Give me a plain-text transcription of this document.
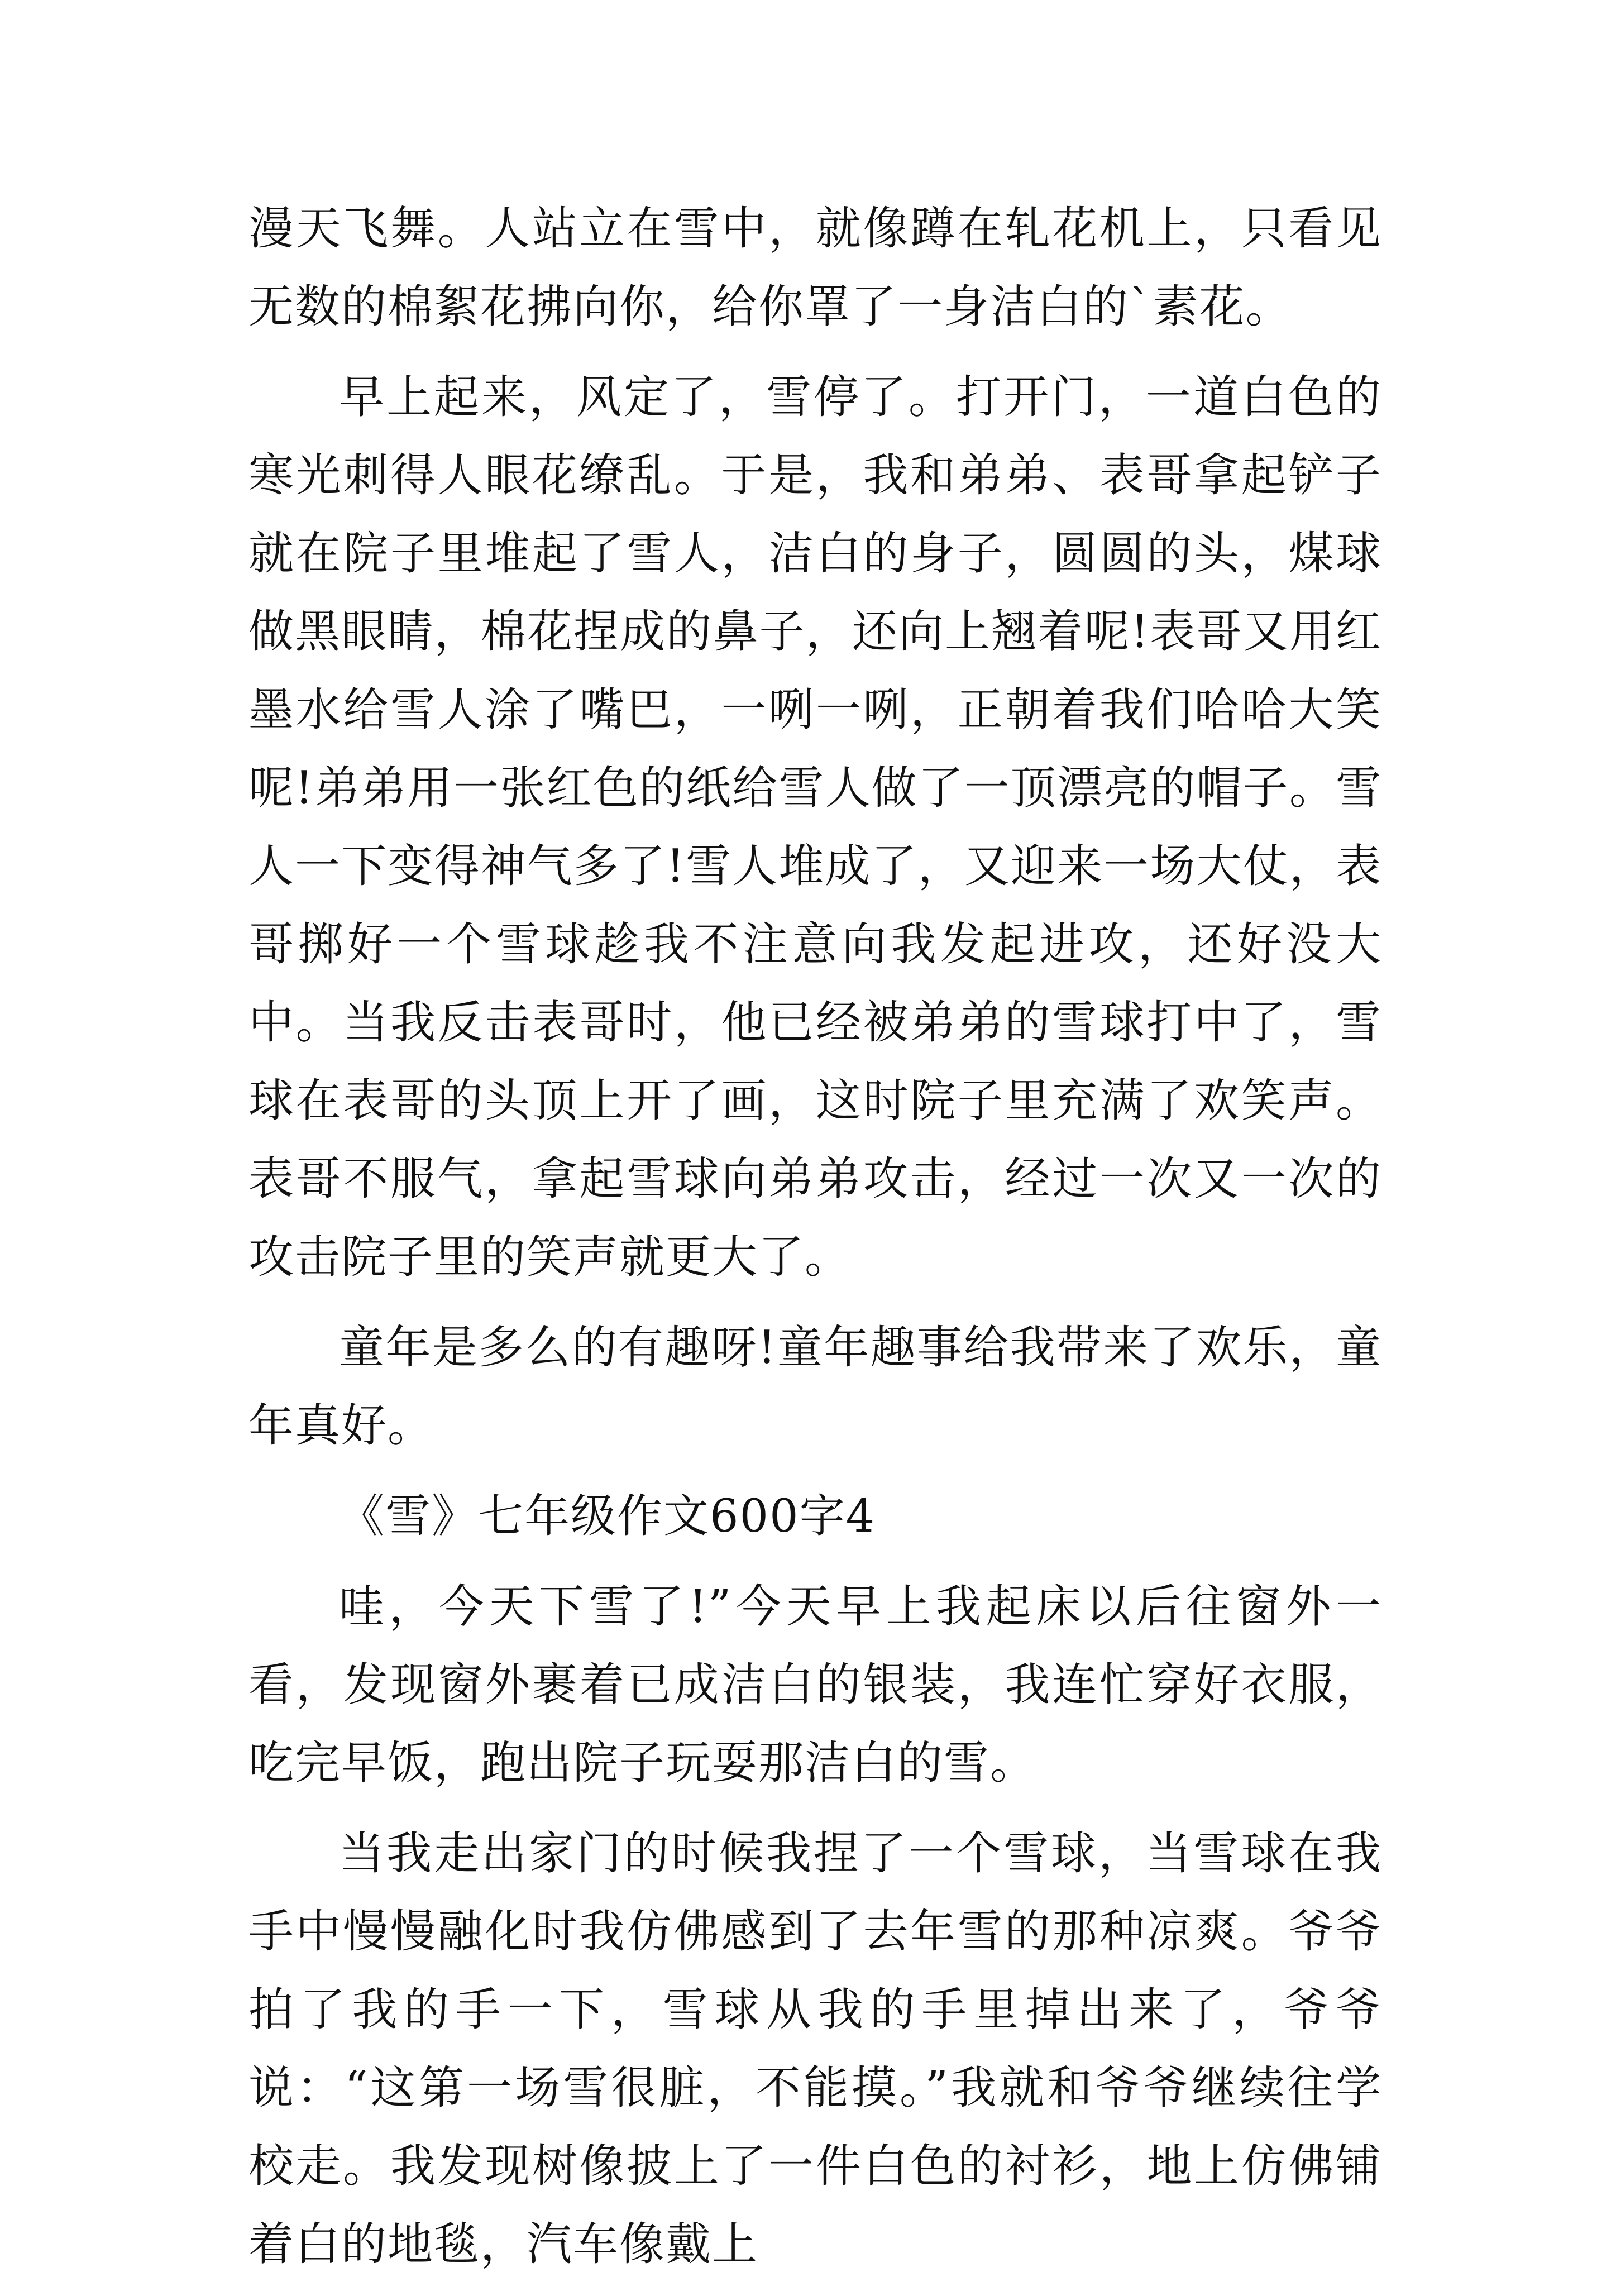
漫天飞舞。人站立在雪中，就像蹲在轧花机上，只看见无数的棉絮花拂向你，给你罩了一身洁白的`素花。

早上起来，风定了，雪停了。打开门，一道白色的寒光刺得人眼花缭乱。于是，我和弟弟、表哥拿起铲子就在院子里堆起了雪人，洁白的身子，圆圆的头，煤球做黑眼睛，棉花捏成的鼻子，还向上翘着呢!表哥又用红墨水给雪人涂了嘴巴，一咧一咧，正朝着我们哈哈大笑呢!弟弟用一张红色的纸给雪人做了一顶漂亮的帽子。雪人一下变得神气多了!雪人堆成了，又迎来一场大仗，表哥掷好一个雪球趁我不注意向我发起进攻，还好没大中。当我反击表哥时，他已经被弟弟的雪球打中了，雪球在表哥的头顶上开了画，这时院子里充满了欢笑声。表哥不服气，拿起雪球向弟弟攻击，经过一次又一次的攻击院子里的笑声就更大了。

童年是多么的有趣呀!童年趣事给我带来了欢乐，童年真好。

《雪》七年级作文600字4

哇，今天下雪了!”今天早上我起床以后往窗外一看，发现窗外裹着已成洁白的银装，我连忙穿好衣服，吃完早饭，跑出院子玩耍那洁白的雪。

当我走出家门的时候我捏了一个雪球，当雪球在我手中慢慢融化时我仿佛感到了去年雪的那种凉爽。爷爷拍了我的手一下，雪球从我的手里掉出来了，爷爷说：“这第一场雪很脏，不能摸。”我就和爷爷继续往学校走。我发现树像披上了一件白色的衬衫，地上仿佛铺着白的地毯，汽车像戴上
